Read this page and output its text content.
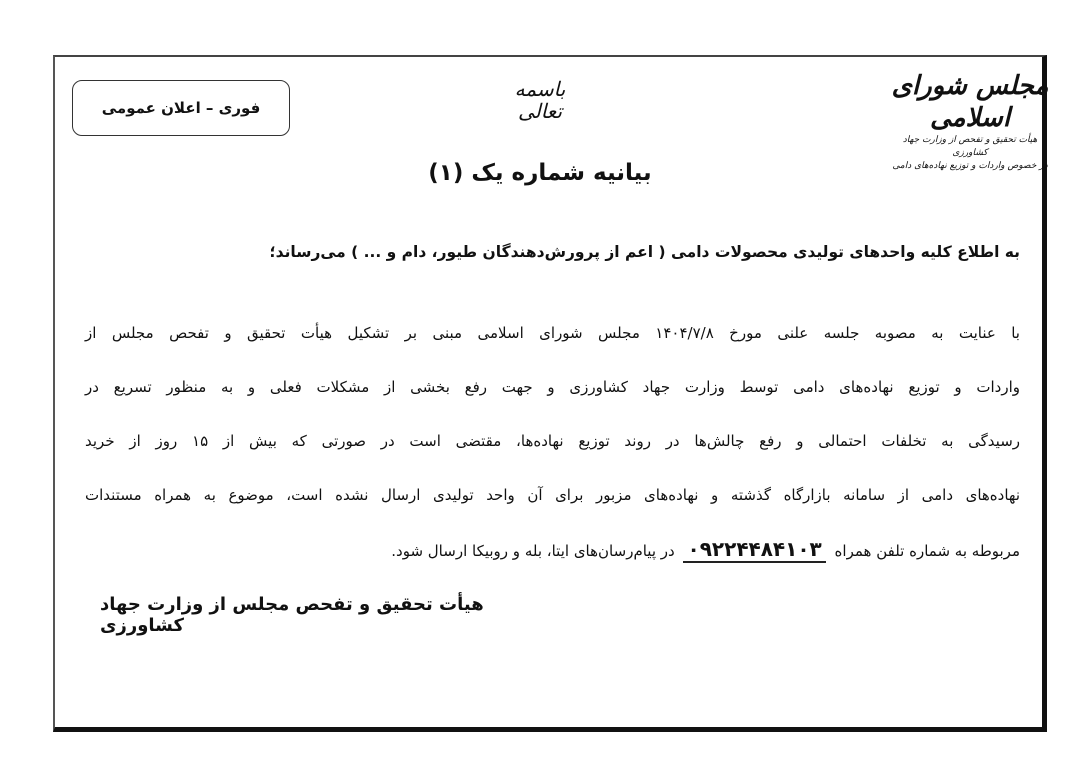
فوری – اعلان عمومی
مجلس شورای
اسلامی
هیأت تحقیق و تفحص از وزارت جهاد کشاورزی
در خصوص واردات و توزیع نهاده‌های دامی
باسمه تعالی
بیانیه شماره یک (۱)
به اطلاع کلیه واحدهای تولیدی محصولات دامی ( اعم از پرورش‌دهندگان طیور، دام و ... ) می‌رساند؛
با عنایت به مصوبه جلسه علنی مورخ ۱۴۰۴/۷/۸ مجلس شورای اسلامی مبنی بر تشکیل هیأت تحقیق و تفحص مجلس از
واردات و توزیع نهاده‌های دامی توسط وزارت جهاد کشاورزی و جهت رفع بخشی از مشکلات فعلی و به منظور تسریع در
رسیدگی به تخلفات احتمالی و رفع چالش‌ها در روند توزیع نهاده‌ها، مقتضی است در صورتی که بیش از ۱۵ روز از خرید
نهاده‌های دامی از سامانه بازارگاه گذشته و نهاده‌های مزبور برای آن واحد تولیدی ارسال نشده است، موضوع به همراه مستندات
مربوطه به شماره تلفن همراه ۰۹۲۲۴۴۸۴۱۰۳ در پیام‌رسان‌های ایتا، بله و روبیکا ارسال شود.
هیأت تحقیق و تفحص مجلس از وزارت جهاد کشاورزی
